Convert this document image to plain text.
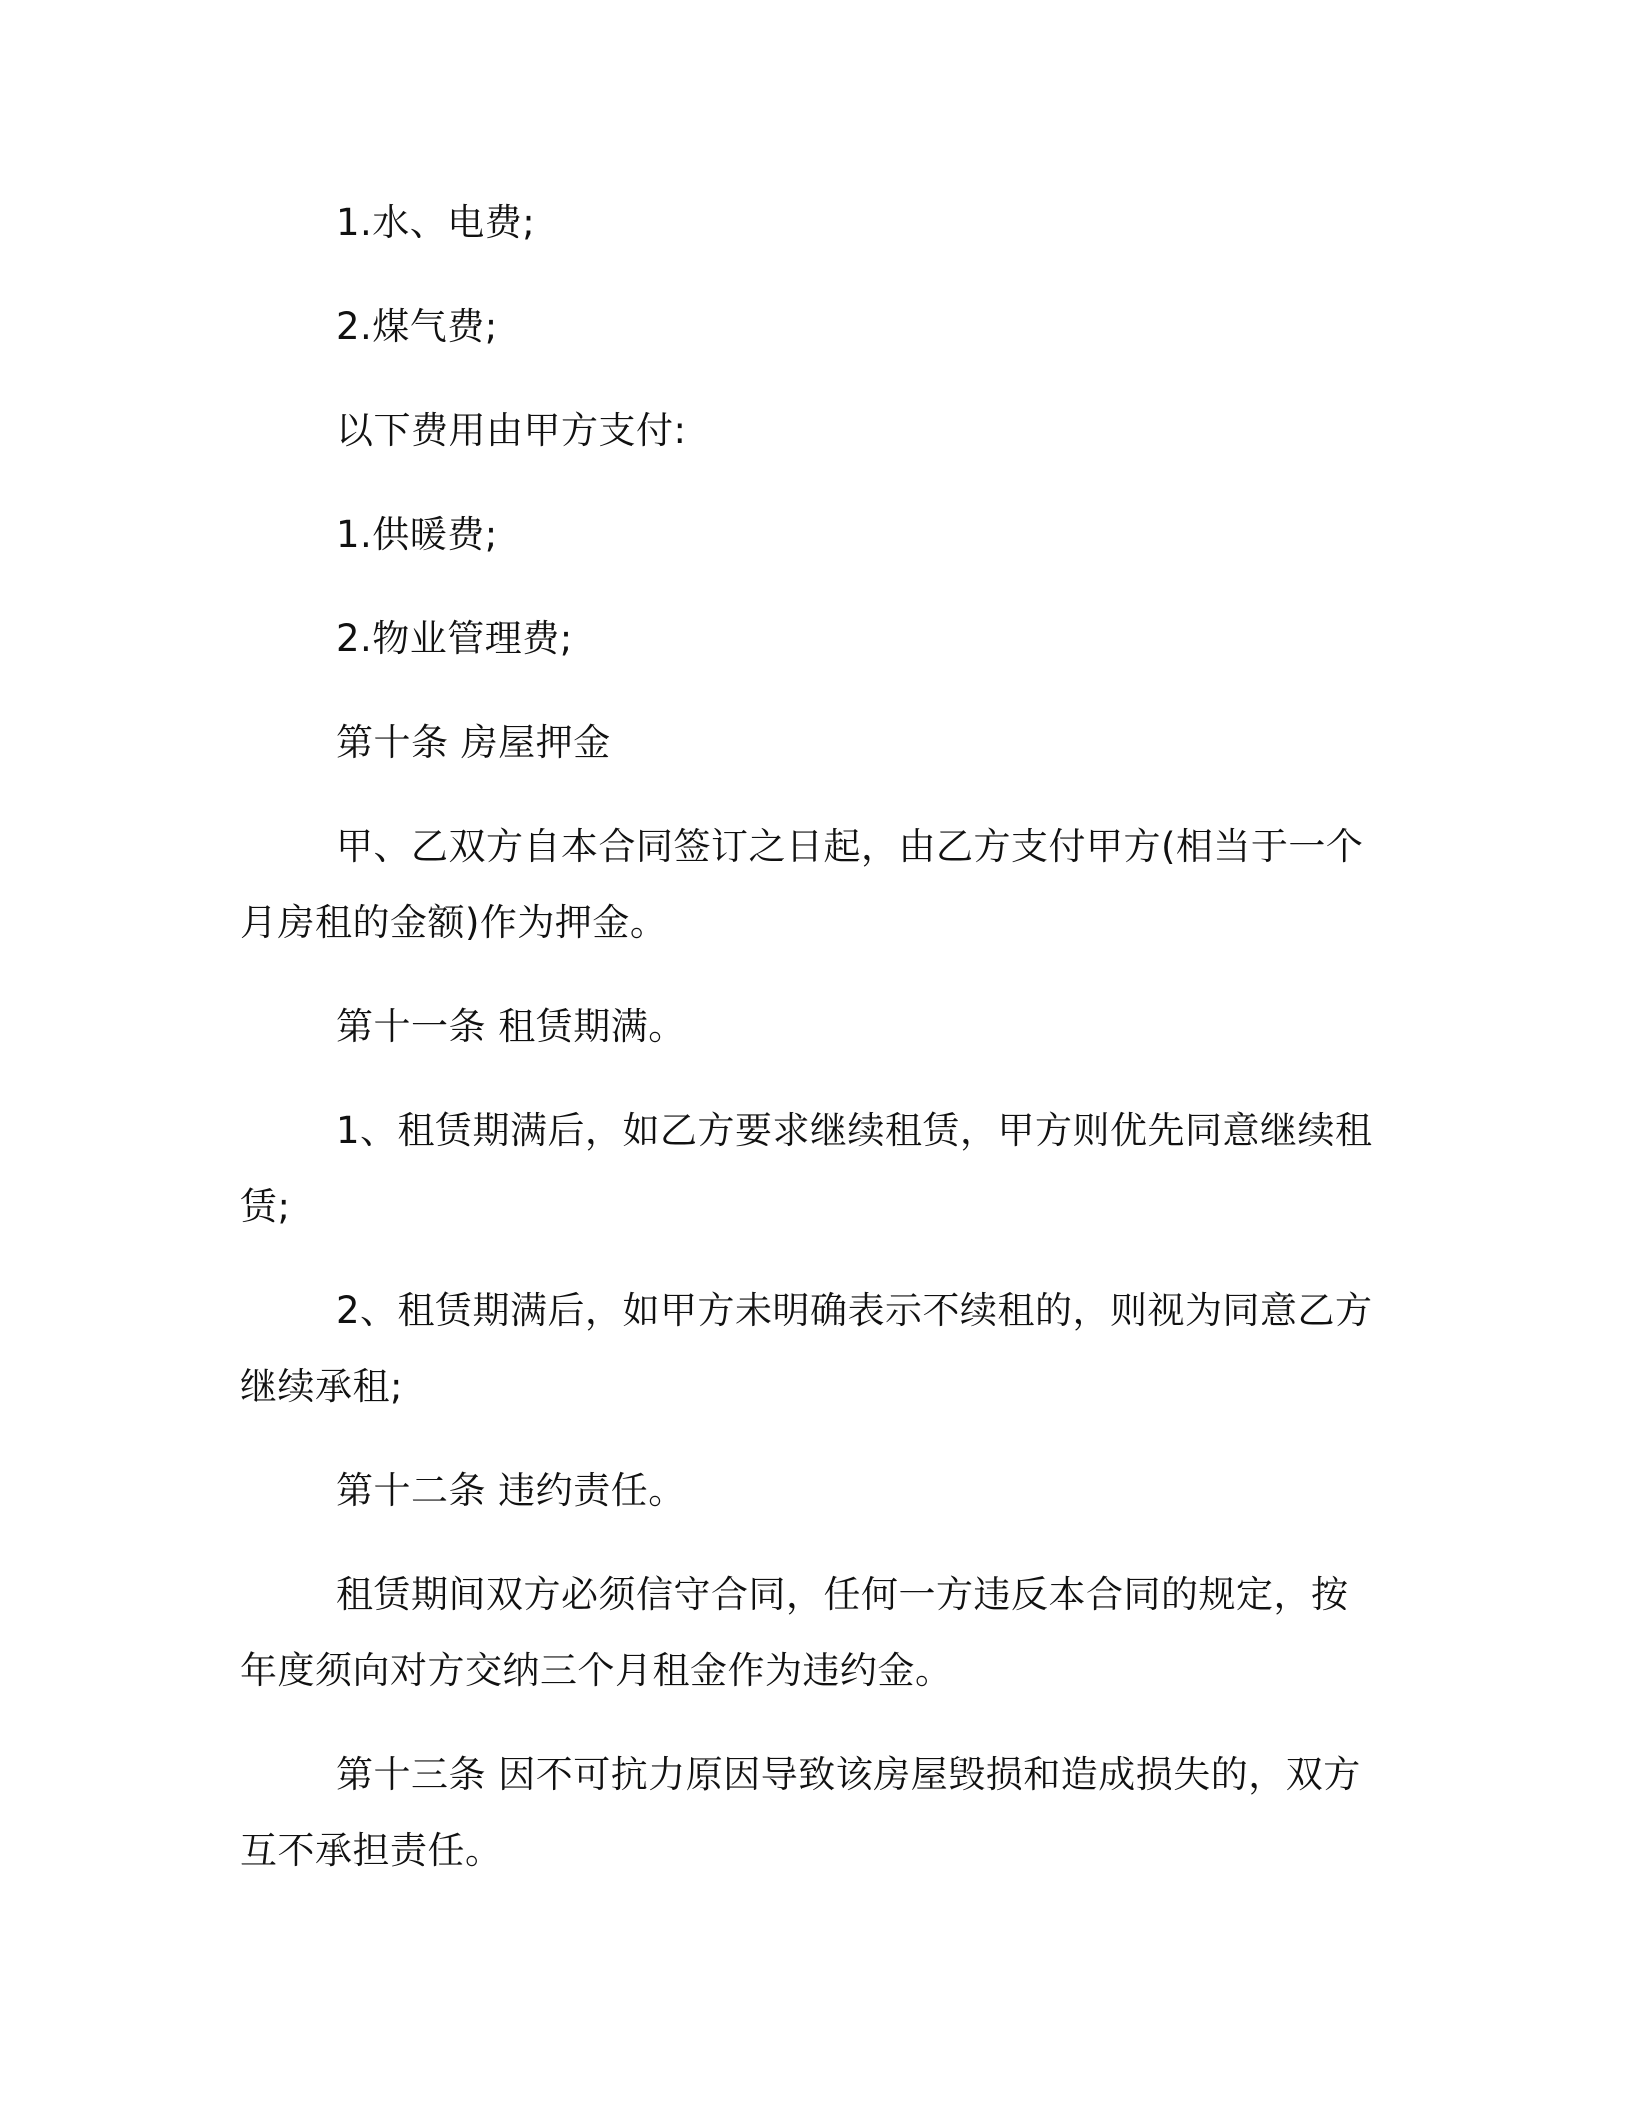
1.水、电费;

2.煤气费;

以下费用由甲方支付:

1.供暖费;

2.物业管理费;

第十条 房屋押金

甲、乙双方自本合同签订之日起，由乙方支付甲方(相当于一个月房租的金额)作为押金。

第十一条 租赁期满。

1、租赁期满后，如乙方要求继续租赁，甲方则优先同意继续租赁;

2、租赁期满后，如甲方未明确表示不续租的，则视为同意乙方继续承租;

第十二条 违约责任。

租赁期间双方必须信守合同，任何一方违反本合同的规定，按年度须向对方交纳三个月租金作为违约金。

第十三条 因不可抗力原因导致该房屋毁损和造成损失的，双方互不承担责任。
